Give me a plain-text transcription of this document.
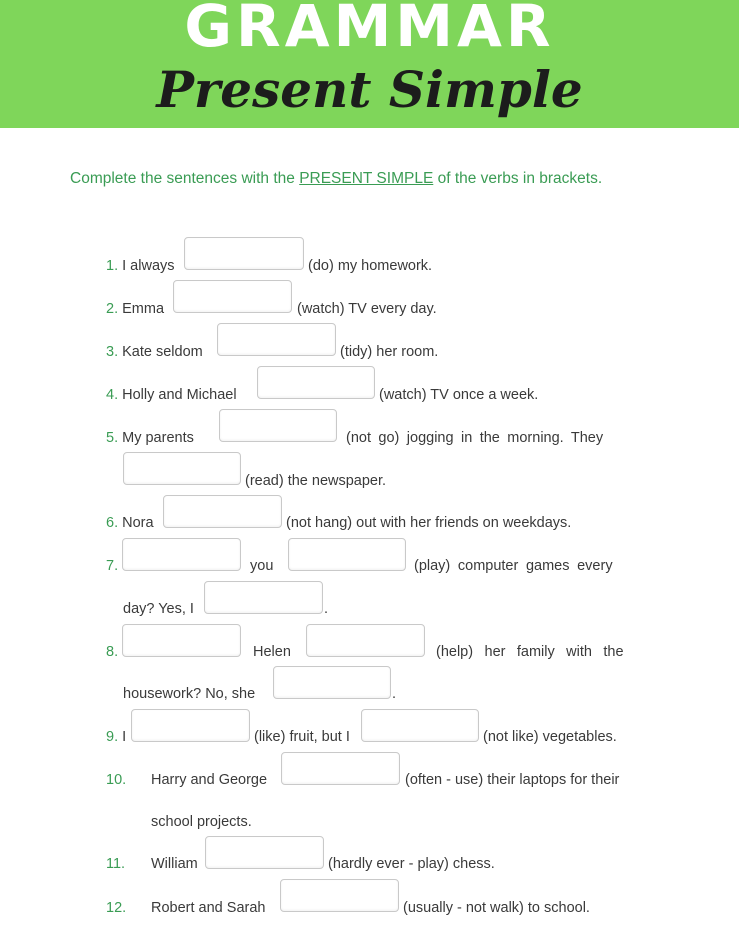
GRAMMAR
Present Simple
Complete the sentences with the PRESENT SIMPLE of the verbs in brackets.
1. I always	(do) my homework.
2. Emma	(watch) TV every day.
3. Kate seldom	(tidy) her room.
4. Holly and Michael	(watch) TV once a week.
5. My parents	(not go) jogging in the morning. They
(read) the newspaper.
6. Nora	(not hang) out with her friends on weekdays.
7.	you	(play) computer games every
day? Yes, I	.
8.	Helen	(help) her family with the
housework? No, she	.
9. I	(like) fruit, but I	(not like) vegetables.
10. Harry and George	(often - use) their laptops for their
school projects.
11. William	(hardly ever - play) chess.
12. Robert and Sarah	(usually - not walk) to school.
